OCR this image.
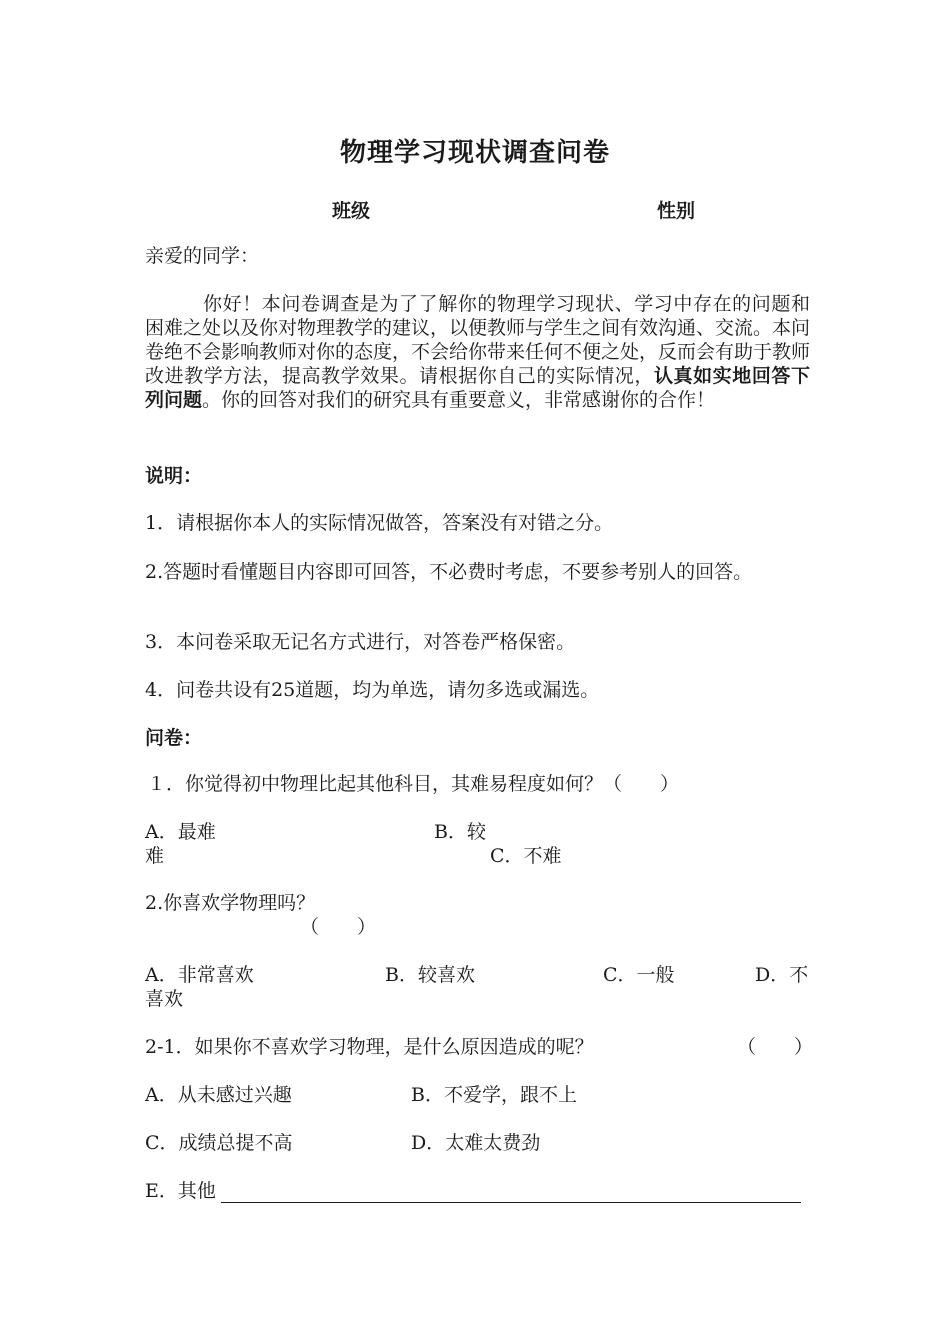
物理学习现状调查问卷
班级	性别
亲爱的同学：
你好！本问卷调查是为了了解你的物理学习现状、学习中存在的问题和困难之处以及你对物理教学的建议，以便教师与学生之间有效沟通、交流。本问卷绝不会影响教师对你的态度，不会给你带来任何不便之处，反而会有助于教师改进教学方法，提高教学效果。请根据你自己的实际情况，认真如实地回答下列问题。你的回答对我们的研究具有重要意义，非常感谢你的合作！
说明：
1．请根据你本人的实际情况做答，答案没有对错之分。
2.答题时看懂题目内容即可回答，不必费时考虑，不要参考别人的回答。
3．本问卷采取无记名方式进行，对答卷严格保密。
4．问卷共设有25道题，均为单选，请勿多选或漏选。
问卷：
１．你觉得初中物理比起其他科目，其难易程度如何？（　　）
A．最难	B．较
难	C．不难
2.你喜欢学物理吗？
（　　）
A．非常喜欢	B．较喜欢	C．一般	D．不
喜欢
2-1．如果你不喜欢学习物理，是什么原因造成的呢？	（　　）
A．从未感过兴趣	B．不爱学，跟不上
C．成绩总提不高	D．太难太费劲
E．其他
